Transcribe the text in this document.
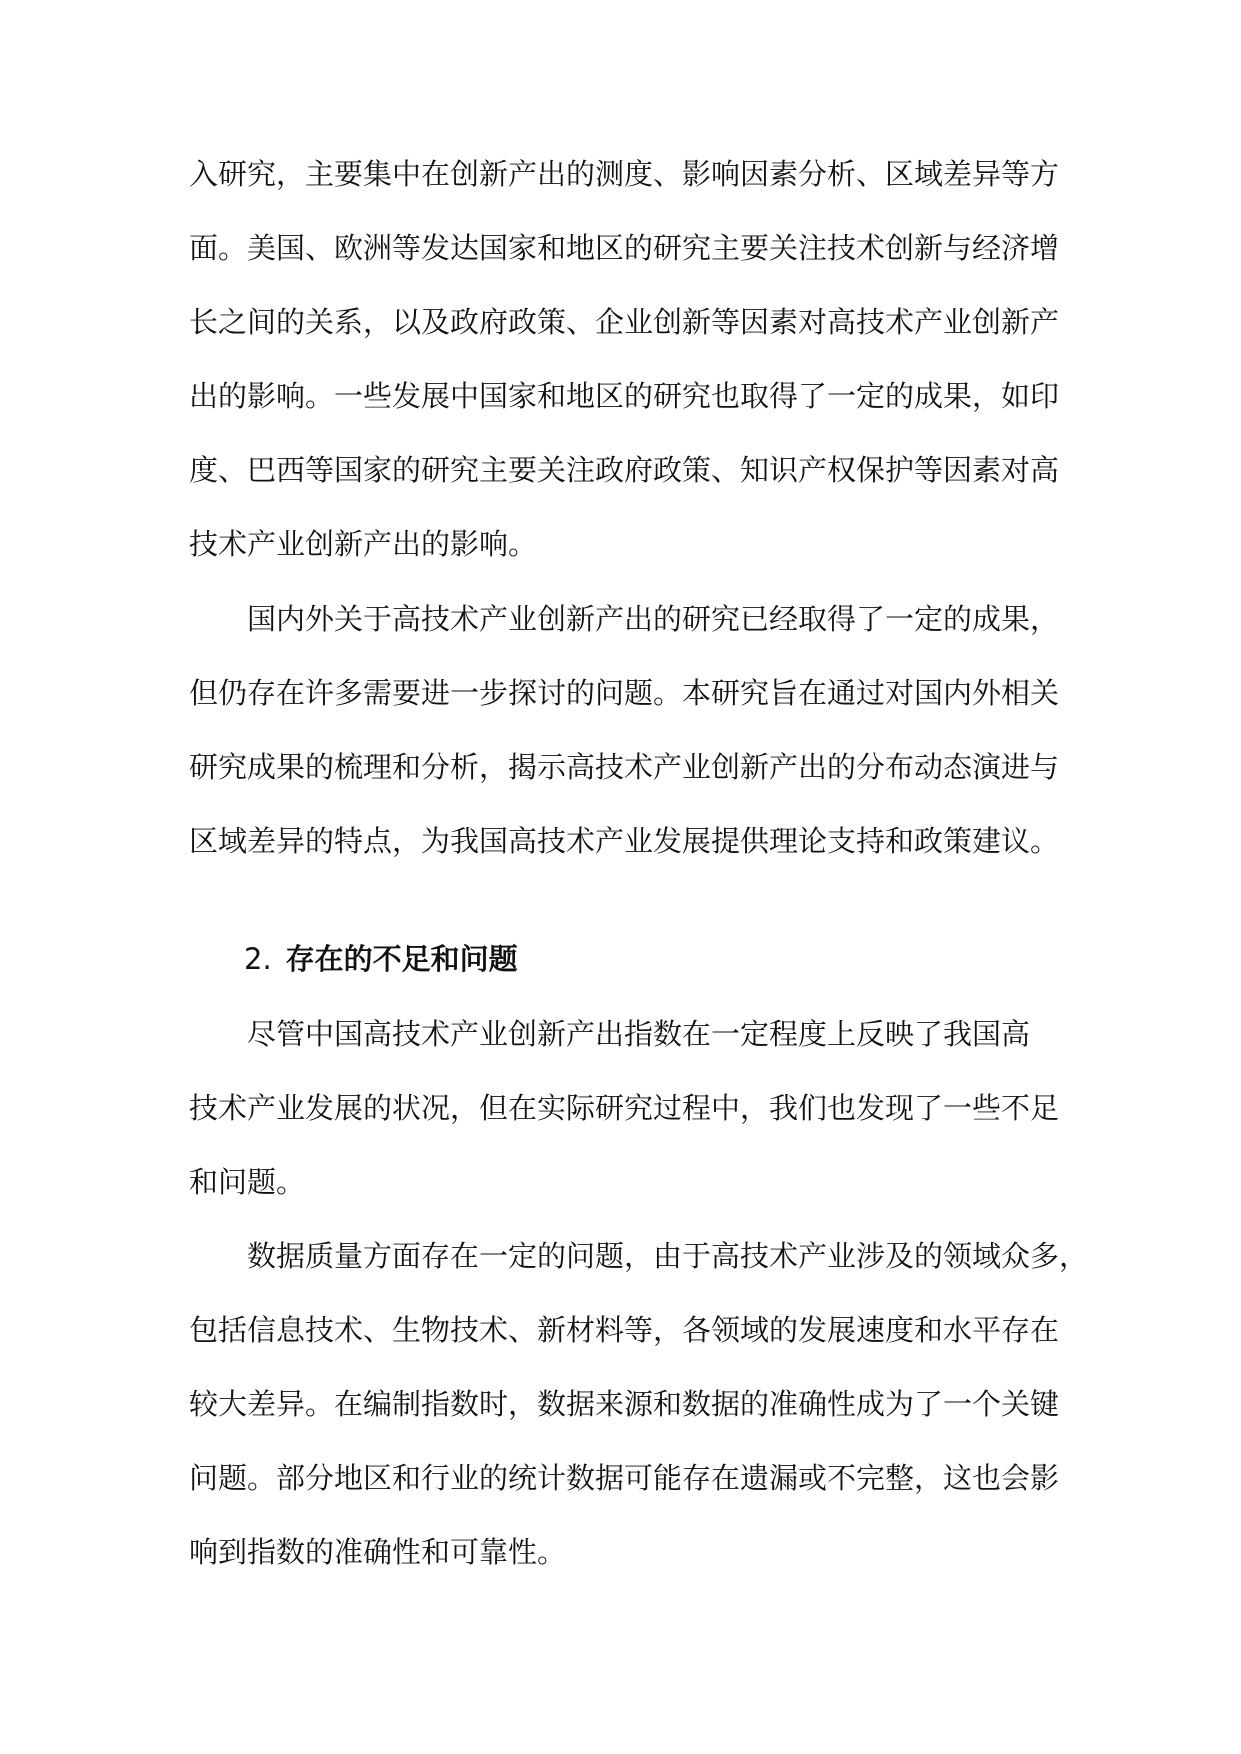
入研究，主要集中在创新产出的测度、影响因素分析、区域差异等方
面。美国、欧洲等发达国家和地区的研究主要关注技术创新与经济增
长之间的关系，以及政府政策、企业创新等因素对高技术产业创新产
出的影响。一些发展中国家和地区的研究也取得了一定的成果，如印
度、巴西等国家的研究主要关注政府政策、知识产权保护等因素对高
技术产业创新产出的影响。
国内外关于高技术产业创新产出的研究已经取得了一定的成果，
但仍存在许多需要进一步探讨的问题。本研究旨在通过对国内外相关
研究成果的梳理和分析，揭示高技术产业创新产出的分布动态演进与
区域差异的特点，为我国高技术产业发展提供理论支持和政策建议。
2. 存在的不足和问题
尽管中国高技术产业创新产出指数在一定程度上反映了我国高
技术产业发展的状况，但在实际研究过程中，我们也发现了一些不足
和问题。
数据质量方面存在一定的问题，由于高技术产业涉及的领域众多，
包括信息技术、生物技术、新材料等，各领域的发展速度和水平存在
较大差异。在编制指数时，数据来源和数据的准确性成为了一个关键
问题。部分地区和行业的统计数据可能存在遗漏或不完整，这也会影
响到指数的准确性和可靠性。
